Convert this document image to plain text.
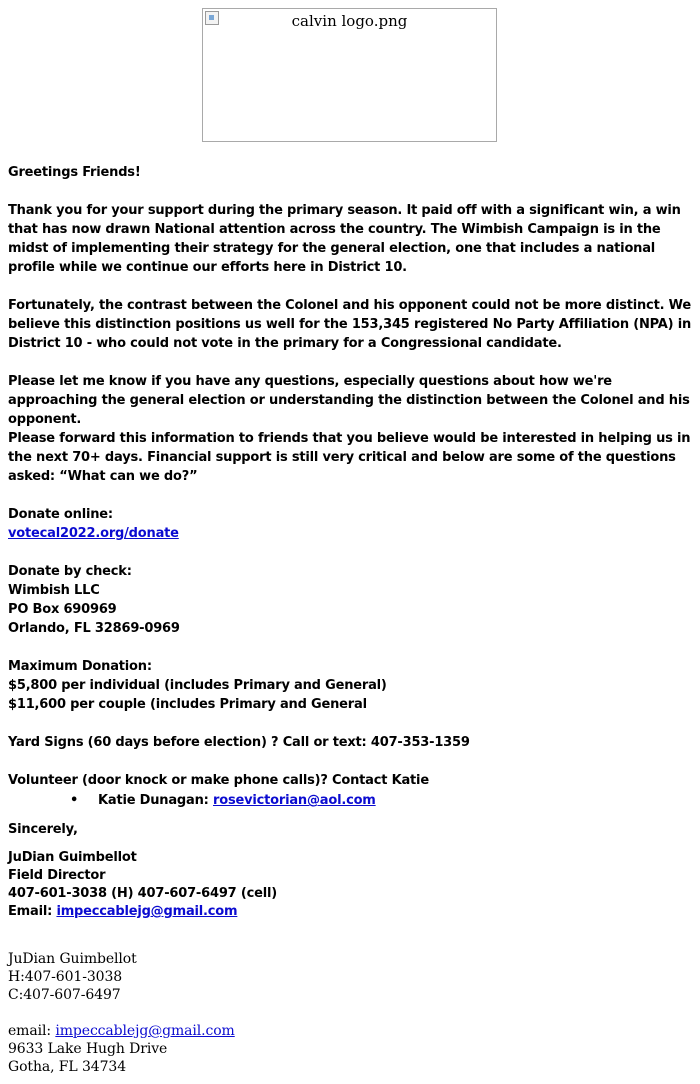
calvin logo.png
Greetings Friends!
Thank you for your support during the primary season. It paid off with a significant win, a win that has now drawn National attention across the country. The Wimbish Campaign is in the midst of implementing their strategy for the general election, one that includes a national profile while we continue our efforts here in District 10.
Fortunately, the contrast between the Colonel and his opponent could not be more distinct. We believe this distinction positions us well for the 153,345 registered No Party Affiliation (NPA) in District 10 - who could not vote in the primary for a Congressional candidate.
Please let me know if you have any questions, especially questions about how we're approaching the general election or understanding the distinction between the Colonel and his opponent.
Please forward this information to friends that you believe would be interested in helping us in the next 70+ days. Financial support is still very critical and below are some of the questions asked: “What can we do?”

Donate online:

votecal2022.org/donate

Donate by check:

Wimbish LLC

PO Box 690969

Orlando, FL 32869-0969

Maximum Donation:

$5,800 per individual (includes Primary and General)

$11,600 per couple (includes Primary and General

Yard Signs (60 days before election) ? Call or text: 407-353-1359
Volunteer (door knock or make phone calls)? Contact Katie
• Katie Dunagan: rosevictorian@aol.com
Sincerely,

JuDian Guimbellot

Field Director

407-601-3038 (H) 407-607-6497 (cell)

Email: impeccablejg@gmail.com

JuDian Guimbellot

H:407-601-3038

C:407-607-6497

email: impeccablejg@gmail.com

9633 Lake Hugh Drive

Gotha, FL 34734
